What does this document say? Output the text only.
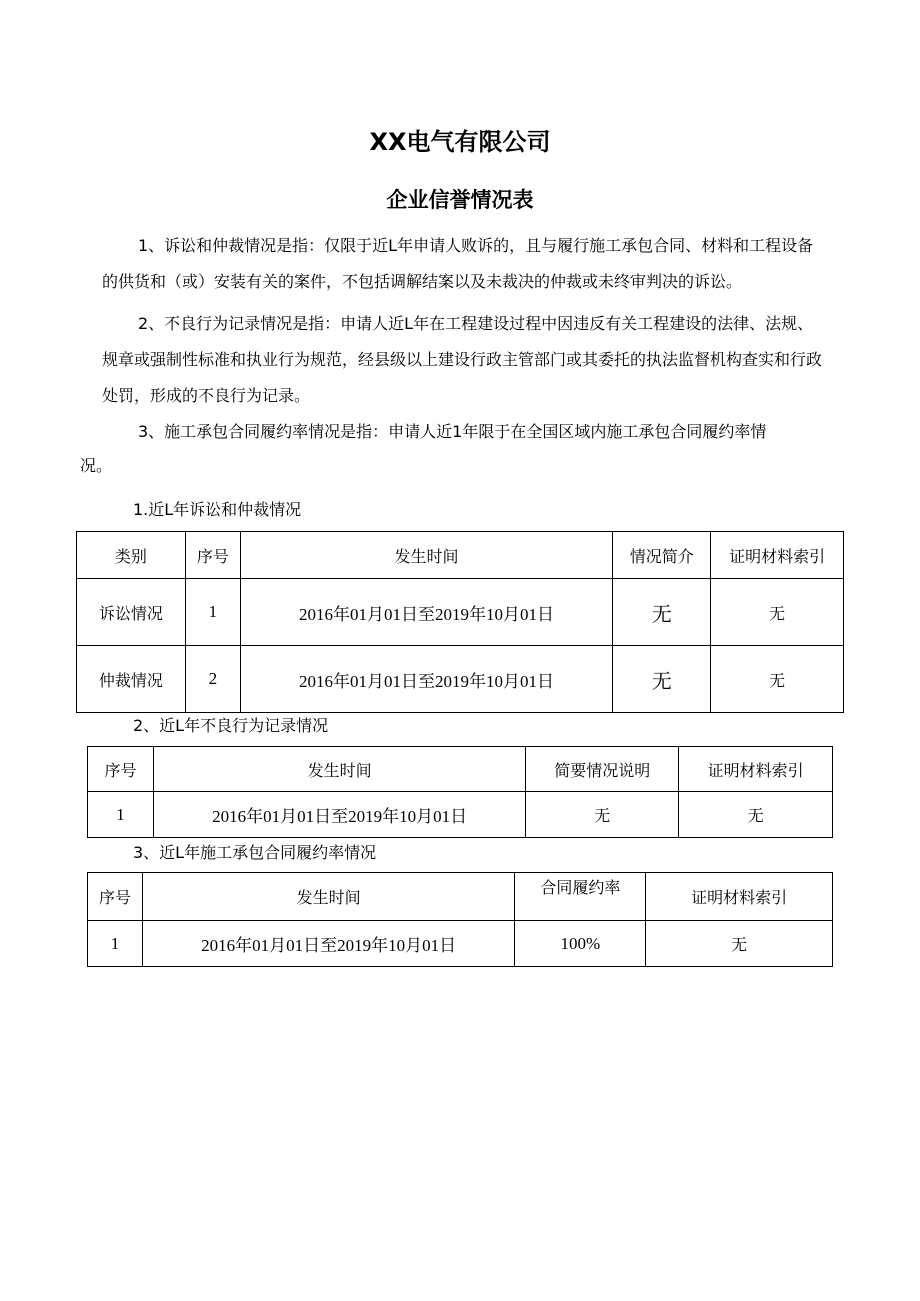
XX电气有限公司
企业信誉情况表

1、诉讼和仲裁情况是指：仅限于近L年申请人败诉的，且与履行施工承包合同、材料和工程设备的供货和（或）安装有关的案件，不包括调解结案以及未裁决的仲裁或未终审判决的诉讼。

2、不良行为记录情况是指：申请人近L年在工程建设过程中因违反有关工程建设的法律、法规、规章或强制性标准和执业行为规范，经县级以上建设行政主管部门或其委托的执法监督机构查实和行政处罚，形成的不良行为记录。

3、施工承包合同履约率情况是指：申请人近1年限于在全国区域内施工承包合同履约率情

况。

1.近L年诉讼和仲裁情况
类别	序号	发生时间	情况简介	证明材料索引
诉讼情况	1	2016年01月01日至2019年10月01日	无	无
仲裁情况	2	2016年01月01日至2019年10月01日	无	无
2、近L年不良行为记录情况
序号	发生时间	简要情况说明	证明材料索引
1	2016年01月01日至2019年10月01日	无	无
3、近L年施工承包合同履约率情况
序号	发生时间	合同履约率	证明材料索引
1	2016年01月01日至2019年10月01日	100%	无
